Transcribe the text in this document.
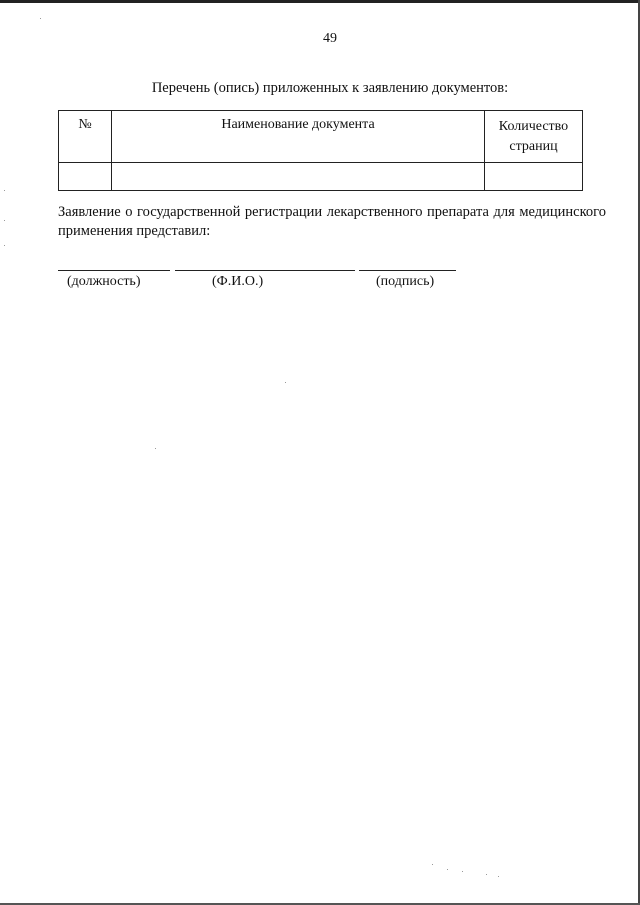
49
Перечень (опись) приложенных к заявлению документов:
№	Наименование документа	Количество
страниц

Заявление о государственной регистрации лекарственного препарата для медицинского применения представил:
(должность)	(Ф.И.О.)	(подпись)
